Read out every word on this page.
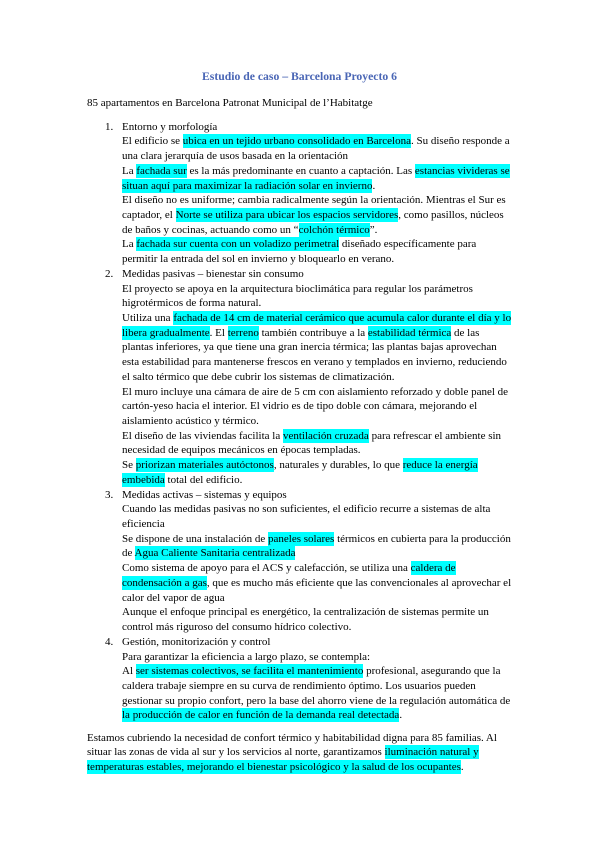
Estudio de caso – Barcelona Proyecto 6
85 apartamentos en Barcelona Patronat Municipal de l’Habitatge
1. Entorno y morfología
El edificio se ubica en un tejido urbano consolidado en Barcelona. Su diseño responde a
una clara jerarquía de usos basada en la orientación
La fachada sur es la más predominante en cuanto a captación. Las estancias vivideras se
situan aquí para maximizar la radiación solar en invierno.
El diseño no es uniforme; cambia radicalmente según la orientación. Mientras el Sur es
captador, el Norte se utiliza para ubicar los espacios servidores, como pasillos, núcleos
de baños y cocinas, actuando como un “colchón térmico”.
La fachada sur cuenta con un voladizo perimetral diseñado específicamente para
permitir la entrada del sol en invierno y bloquearlo en verano.
2. Medidas pasivas – bienestar sin consumo
El proyecto se apoya en la arquitectura bioclimática para regular los parámetros
higrotérmicos de forma natural.
Utiliza una fachada de 14 cm de material cerámico que acumula calor durante el día y lo
libera gradualmente. El terreno también contribuye a la estabilidad térmica de las
plantas inferiores, ya que tiene una gran inercia térmica; las plantas bajas aprovechan
esta estabilidad para mantenerse frescos en verano y templados en invierno, reduciendo
el salto térmico que debe cubrir los sistemas de climatización.
El muro incluye una cámara de aire de 5 cm con aislamiento reforzado y doble panel de
cartón-yeso hacia el interior. El vidrio es de tipo doble con cámara, mejorando el
aislamiento acústico y térmico.
El diseño de las viviendas facilita la ventilación cruzada para refrescar el ambiente sin
necesidad de equipos mecánicos en épocas templadas.
Se priorizan materiales autóctonos, naturales y durables, lo que reduce la energía
embebida total del edificio.
3. Medidas activas – sistemas y equipos
Cuando las medidas pasivas no son suficientes, el edificio recurre a sistemas de alta
eficiencia
Se dispone de una instalación de paneles solares térmicos en cubierta para la producción
de Agua Caliente Sanitaria centralizada
Como sistema de apoyo para el ACS y calefacción, se utiliza una caldera de
condensación a gas, que es mucho más eficiente que las convencionales al aprovechar el
calor del vapor de agua
Aunque el enfoque principal es energético, la centralización de sistemas permite un
control más riguroso del consumo hídrico colectivo.
4. Gestión, monitorización y control
Para garantizar la eficiencia a largo plazo, se contempla:
Al ser sistemas colectivos, se facilita el mantenimiento profesional, asegurando que la
caldera trabaje siempre en su curva de rendimiento óptimo. Los usuarios pueden
gestionar su propio confort, pero la base del ahorro viene de la regulación automática de
la producción de calor en función de la demanda real detectada.
Estamos cubriendo la necesidad de confort térmico y habitabilidad digna para 85 familias. Al
situar las zonas de vida al sur y los servicios al norte, garantizamos iluminación natural y
temperaturas estables, mejorando el bienestar psicológico y la salud de los ocupantes.
